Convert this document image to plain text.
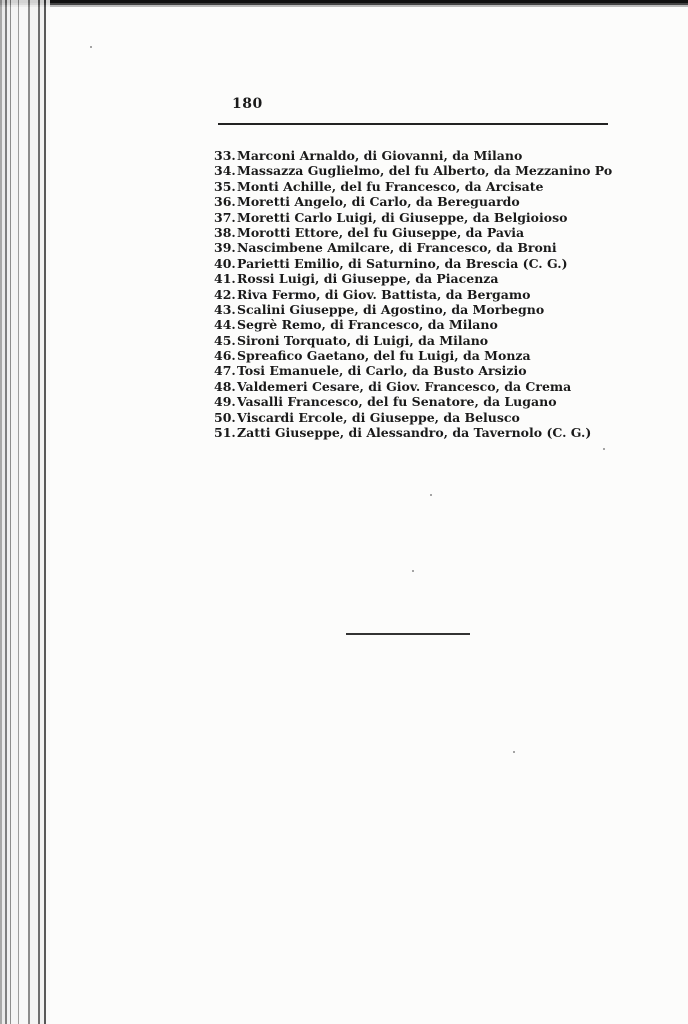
180
33. Marconi Arnaldo, di Giovanni, da Milano
34. Massazza Guglielmo, del fu Alberto, da Mezzanino Po
35. Monti Achille, del fu Francesco, da Arcisate
36. Moretti Angelo, di Carlo, da Bereguardo
37. Moretti Carlo Luigi, di Giuseppe, da Belgioioso
38. Morotti Ettore, del fu Giuseppe, da Pavia
39. Nascimbene Amilcare, di Francesco, da Broni
40. Parietti Emilio, di Saturnino, da Brescia (C. G.)
41. Rossi Luigi, di Giuseppe, da Piacenza
42. Riva Fermo, di Giov. Battista, da Bergamo
43. Scalini Giuseppe, di Agostino, da Morbegno
44. Segrè Remo, di Francesco, da Milano
45. Sironi Torquato, di Luigi, da Milano
46. Spreafico Gaetano, del fu Luigi, da Monza
47. Tosi Emanuele, di Carlo, da Busto Arsizio
48. Valdemeri Cesare, di Giov. Francesco, da Crema
49. Vasalli Francesco, del fu Senatore, da Lugano
50. Viscardi Ercole, di Giuseppe, da Belusco
51. Zatti Giuseppe, di Alessandro, da Tavernolo (C. G.)
